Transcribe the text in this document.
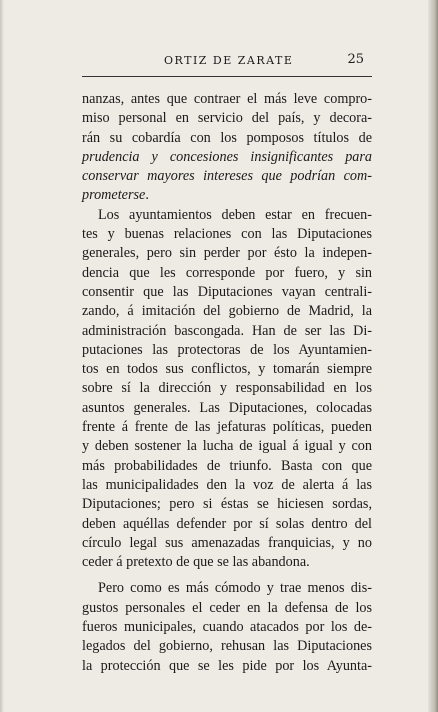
ORTIZ DE ZARATE	25
nanzas, antes que contraer el más leve compro-
miso personal en servicio del país, y decora-
rán su cobardía con los pomposos títulos de
prudencia y concesiones insignificantes para
conservar mayores intereses que podrían com-
prometerse.
Los ayuntamientos deben estar en frecuen-
tes y buenas relaciones con las Diputaciones
generales, pero sin perder por ésto la indepen-
dencia que les corresponde por fuero, y sin
consentir que las Diputaciones vayan centrali-
zando, á imitación del gobierno de Madrid, la
administración bascongada. Han de ser las Di-
putaciones las protectoras de los Ayuntamien-
tos en todos sus conflictos, y tomarán siempre
sobre sí la dirección y responsabilidad en los
asuntos generales. Las Diputaciones, colocadas
frente á frente de las jefaturas políticas, pueden
y deben sostener la lucha de igual á igual y con
más probabilidades de triunfo. Basta con que
las municipalidades den la voz de alerta á las
Diputaciones; pero si éstas se hiciesen sordas,
deben aquéllas defender por sí solas dentro del
círculo legal sus amenazadas franquicias, y no
ceder á pretexto de que se las abandona.
Pero como es más cómodo y trae menos dis-
gustos personales el ceder en la defensa de los
fueros municipales, cuando atacados por los de-
legados del gobierno, rehusan las Diputaciones
la protección que se les pide por los Ayunta-
